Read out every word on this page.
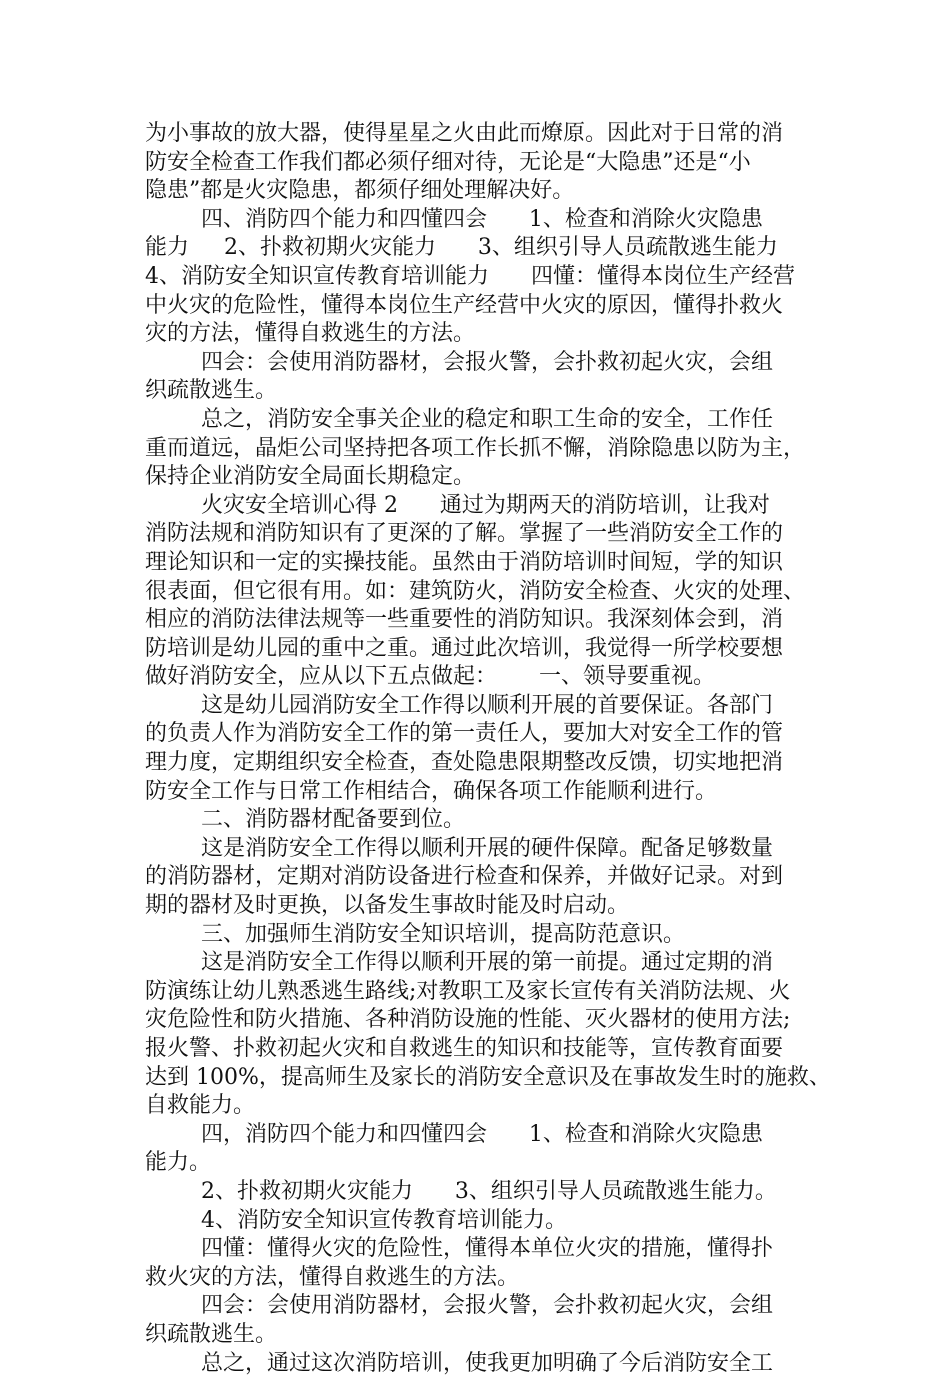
为小事故的放大器，使得星星之火由此而燎原。因此对于日常的消
防安全检查工作我们都必须仔细对待，无论是“大隐患”还是“小
隐患”都是火灾隐患，都须仔细处理解决好。
四、消防四个能力和四懂四会      1、检查和消除火灾隐患
能力     2、扑救初期火灾能力      3、组织引导人员疏散逃生能力
4、消防安全知识宣传教育培训能力      四懂：懂得本岗位生产经营
中火灾的危险性，懂得本岗位生产经营中火灾的原因，懂得扑救火
灾的方法，懂得自救逃生的方法。
四会：会使用消防器材，会报火警，会扑救初起火灾，会组
织疏散逃生。
总之，消防安全事关企业的稳定和职工生命的安全，工作任
重而道远，晶炬公司坚持把各项工作长抓不懈，消除隐患以防为主，
保持企业消防安全局面长期稳定。
火灾安全培训心得 2      通过为期两天的消防培训，让我对
消防法规和消防知识有了更深的了解。掌握了一些消防安全工作的
理论知识和一定的实操技能。虽然由于消防培训时间短，学的知识
很表面，但它很有用。如：建筑防火，消防安全检查、火灾的处理、
相应的消防法律法规等一些重要性的消防知识。我深刻体会到，消
防培训是幼儿园的重中之重。通过此次培训，我觉得一所学校要想
做好消防安全，应从以下五点做起：      一、领导要重视。
这是幼儿园消防安全工作得以顺利开展的首要保证。各部门
的负责人作为消防安全工作的第一责任人，要加大对安全工作的管
理力度，定期组织安全检查，查处隐患限期整改反馈，切实地把消
防安全工作与日常工作相结合，确保各项工作能顺利进行。
二、消防器材配备要到位。
这是消防安全工作得以顺利开展的硬件保障。配备足够数量
的消防器材，定期对消防设备进行检查和保养，并做好记录。对到
期的器材及时更换，以备发生事故时能及时启动。
三、加强师生消防安全知识培训，提高防范意识。
这是消防安全工作得以顺利开展的第一前提。通过定期的消
防演练让幼儿熟悉逃生路线;对教职工及家长宣传有关消防法规、火
灾危险性和防火措施、各种消防设施的性能、灭火器材的使用方法;
报火警、扑救初起火灾和自救逃生的知识和技能等，宣传教育面要
达到 100%，提高师生及家长的消防安全意识及在事故发生时的施救、
自救能力。
四，消防四个能力和四懂四会      1、检查和消除火灾隐患
能力。
2、扑救初期火灾能力      3、组织引导人员疏散逃生能力。
4、消防安全知识宣传教育培训能力。
四懂：懂得火灾的危险性，懂得本单位火灾的措施，懂得扑
救火灾的方法，懂得自救逃生的方法。
四会：会使用消防器材，会报火警，会扑救初起火灾，会组
织疏散逃生。
总之，通过这次消防培训，使我更加明确了今后消防安全工
